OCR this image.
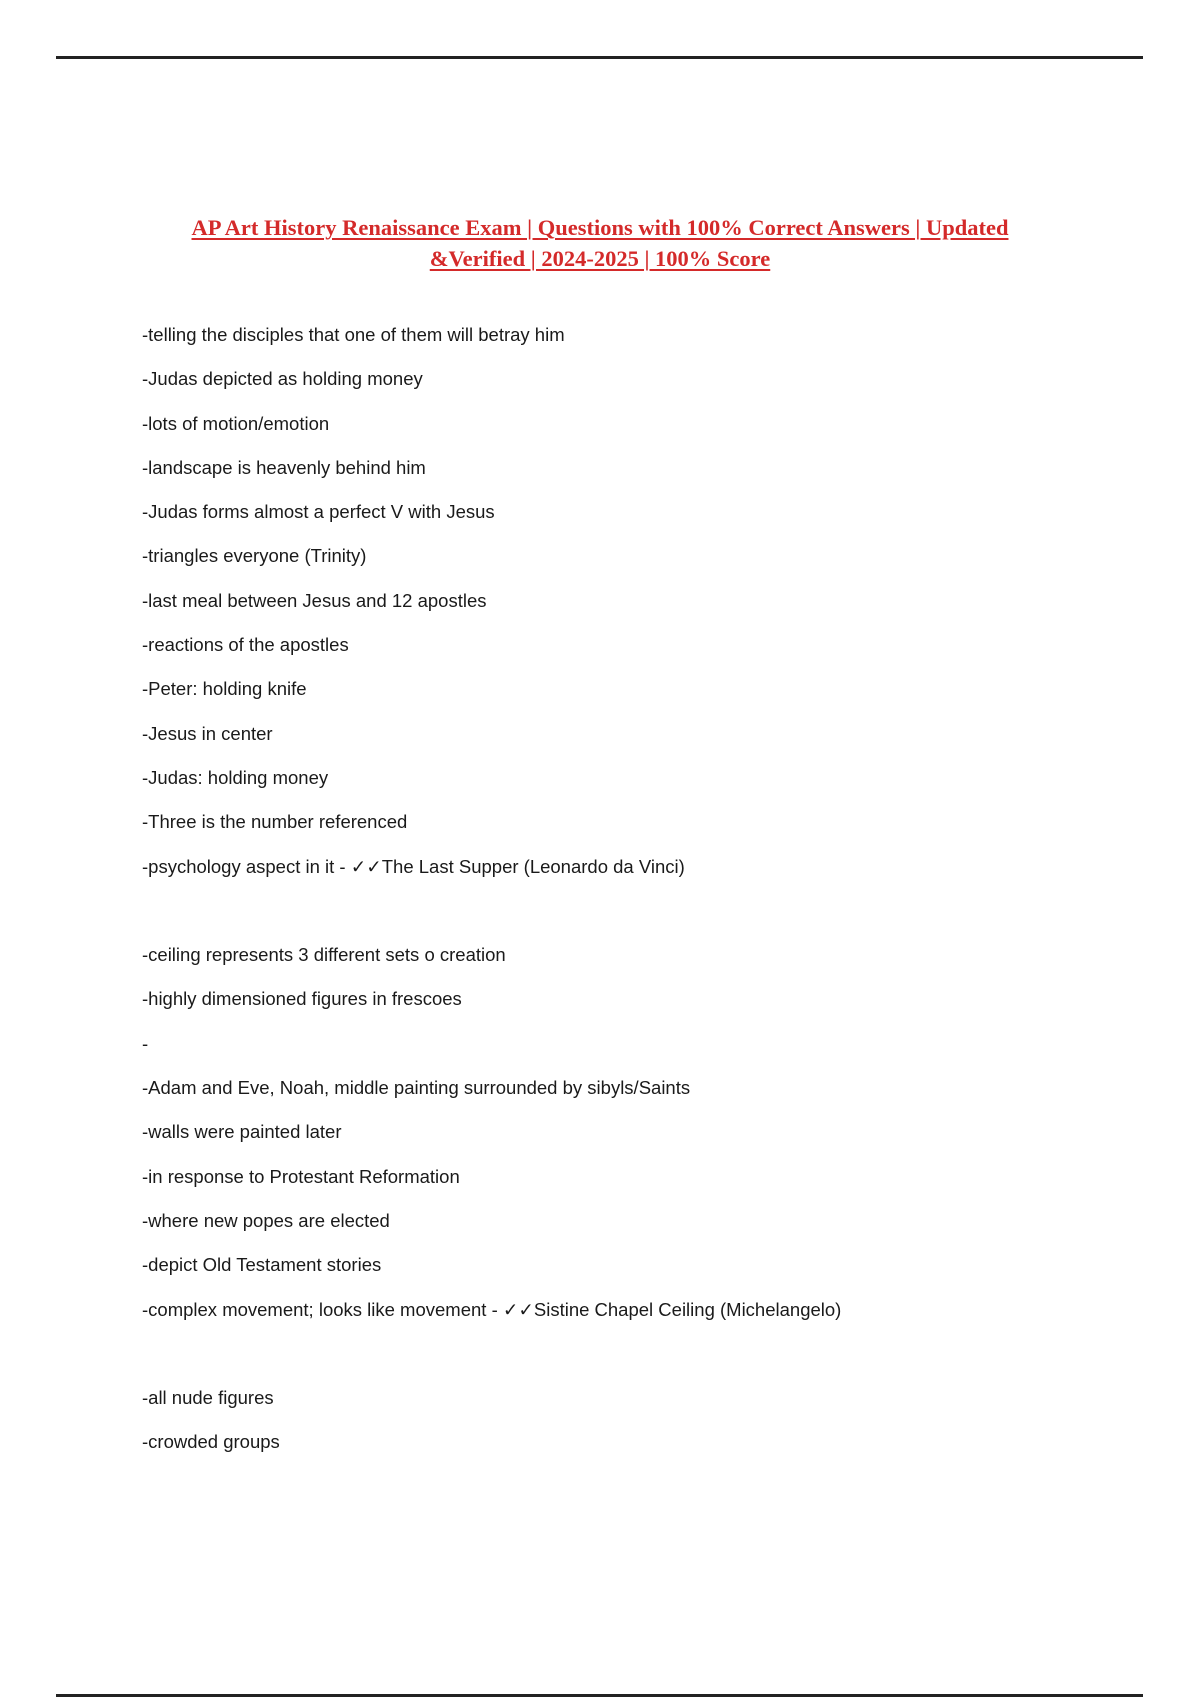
AP Art History Renaissance Exam | Questions with 100% Correct Answers | Updated
&Verified | 2024-2025 | 100% Score
-telling the disciples that one of them will betray him
-Judas depicted as holding money
-lots of motion/emotion
-landscape is heavenly behind him
-Judas forms almost a perfect V with Jesus
-triangles everyone (Trinity)
-last meal between Jesus and 12 apostles
-reactions of the apostles
-Peter: holding knife
-Jesus in center
-Judas: holding money
-Three is the number referenced
-psychology aspect in it - ✓✓The Last Supper (Leonardo da Vinci)
-ceiling represents 3 different sets o creation
-highly dimensioned figures in frescoes
-
-Adam and Eve, Noah, middle painting surrounded by sibyls/Saints
-walls were painted later
-in response to Protestant Reformation
-where new popes are elected
-depict Old Testament stories
-complex movement; looks like movement - ✓✓Sistine Chapel Ceiling (Michelangelo)
-all nude figures
-crowded groups
